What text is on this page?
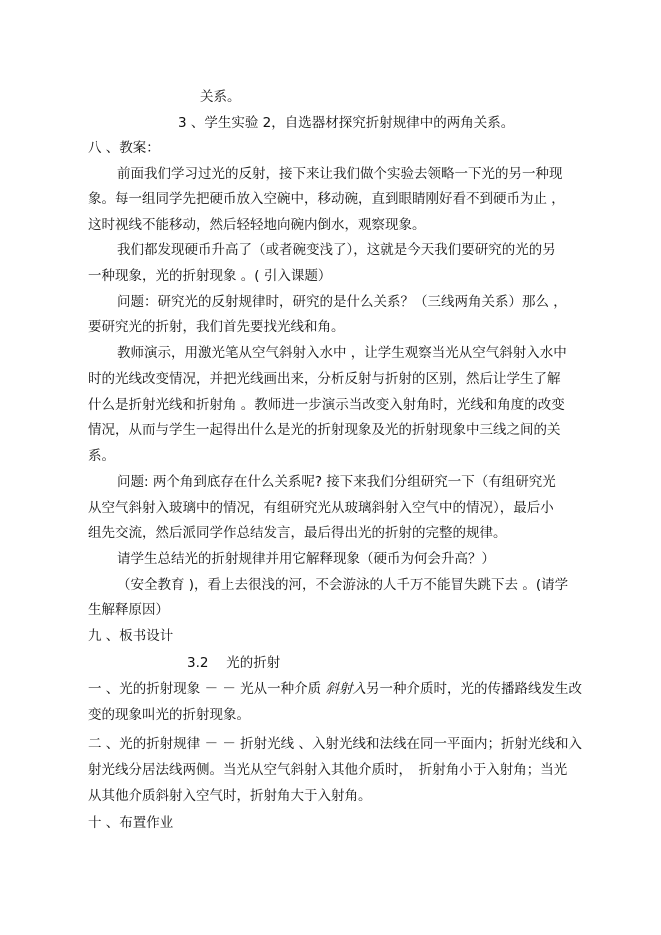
关系。
3 、学生实验 2，自选器材探究折射规律中的两角关系。
八 、教案：
前面我们学习过光的反射，接下来让我们做个实验去领略一下光的另一种现
象。每一组同学先把硬币放入空碗中，移动碗，直到眼睛刚好看不到硬币为止 ，
这时视线不能移动，然后轻轻地向碗内倒水，观察现象。
我们都发现硬币升高了（或者碗变浅了），这就是今天我们要研究的光的另
一种现象，光的折射现象 。( 引入课题）
问题：研究光的反射规律时，研究的是什么关系？（三线两角关系）那么 ，
要研究光的折射，我们首先要找光线和角。
教师演示，用激光笔从空气斜射入水中 ，让学生观察当光从空气斜射入水中
时的光线改变情况，并把光线画出来，分析反射与折射的区别，然后让学生了解
什么是折射光线和折射角 。教师进一步演示当改变入射角时，光线和角度的改变
情况，从而与学生一起得出什么是光的折射现象及光的折射现象中三线之间的关
系。
问题: 两个角到底存在什么关系呢? 接下来我们分组研究一下（有组研究光
从空气斜射入玻璃中的情况，有组研究光从玻璃斜射入空气中的情况），最后小
组先交流，然后派同学作总结发言，最后得出光的折射的完整的规律。
请学生总结光的折射规律并用它解释现象（硬币为何会升高？）
（安全教育 )，看上去很浅的河，不会游泳的人千万不能冒失跳下去 。(请学
生解释原因）
九 、板书设计
3.2　 光的折射
一 、光的折射现象 － － 光从一种介质 斜射入另一种介质时，光的传播路线发生改
变的现象叫光的折射现象。
二 、光的折射规律 － － 折射光线 、入射光线和法线在同一平面内；折射光线和入
射光线分居法线两侧。当光从空气斜射入其他介质时，　折射角小于入射角；当光
从其他介质斜射入空气时，折射角大于入射角。
十 、布置作业
